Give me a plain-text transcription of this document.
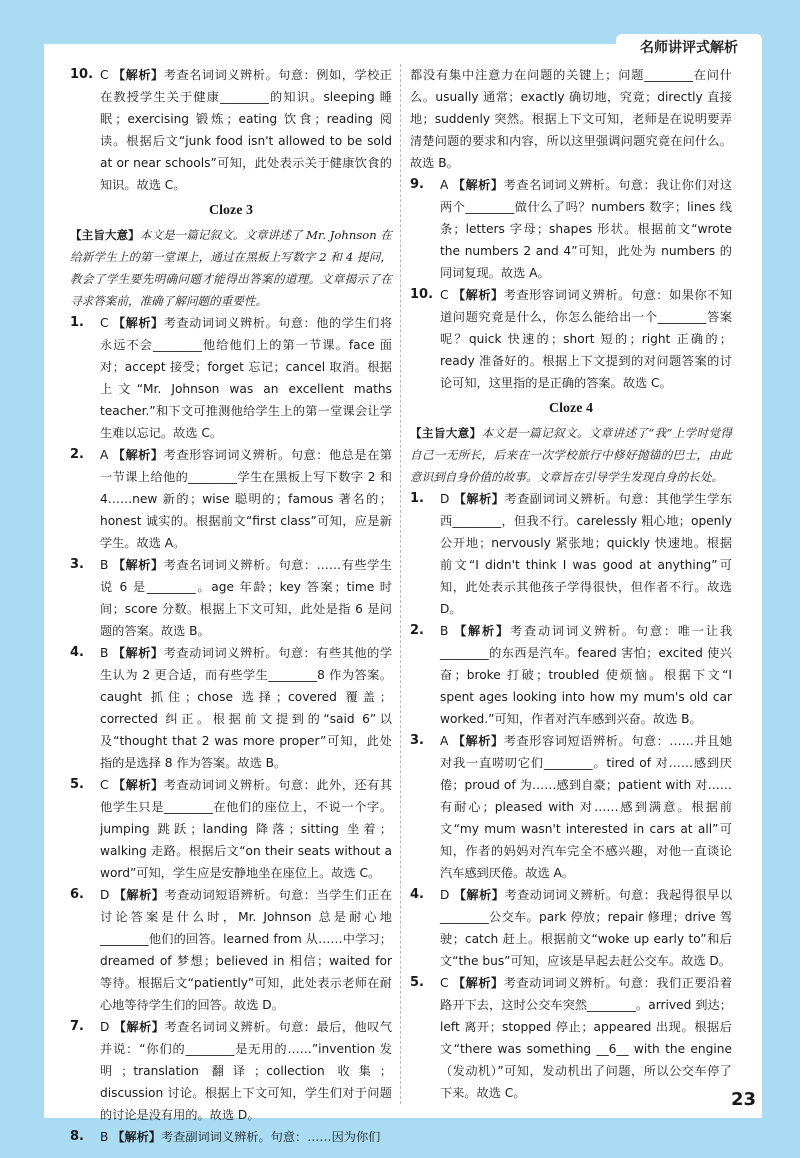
名师讲评式解析
10. C 【解析】考查名词词义辨析。句意：例如，学校正在教授学生关于健康________的知识。sleeping 睡眠；exercising 锻炼；eating 饮食；reading 阅读。根据后文“junk food isn't allowed to be sold at or near schools”可知，此处表示关于健康饮食的知识。故选 C。
Cloze 3
【主旨大意】本文是一篇记叙文。文章讲述了 Mr. Johnson 在给新学生上的第一堂课上，通过在黑板上写数字 2 和 4 提问，教会了学生要先明确问题才能得出答案的道理。文章揭示了在寻求答案前，准确了解问题的重要性。
1. C 【解析】考查动词词义辨析。句意：他的学生们将永远不会________他给他们上的第一节课。face 面对；accept 接受；forget 忘记；cancel 取消。根据上文“Mr. Johnson was an excellent maths teacher.”和下文可推测他给学生上的第一堂课会让学生难以忘记。故选 C。
2. A 【解析】考查形容词词义辨析。句意：他总是在第一节课上给他的________学生在黑板上写下数字 2 和 4……new 新的；wise 聪明的；famous 著名的；honest 诚实的。根据前文“first class”可知，应是新学生。故选 A。
3. B 【解析】考查名词词义辨析。句意：……有些学生说 6 是________。age 年龄；key 答案；time 时间；score 分数。根据上下文可知，此处是指 6 是问题的答案。故选 B。
4. B 【解析】考查动词词义辨析。句意：有些其他的学生认为 2 更合适，而有些学生________8 作为答案。caught 抓住；chose 选择；covered 覆盖；corrected 纠正。根据前文提到的“said 6”以及“thought that 2 was more proper”可知，此处指的是选择 8 作为答案。故选 B。
5. C 【解析】考查动词词义辨析。句意：此外，还有其他学生只是________在他们的座位上，不说一个字。jumping 跳跃；landing 降落；sitting 坐着；walking 走路。根据后文“on their seats without a word”可知，学生应是安静地坐在座位上。故选 C。
6. D 【解析】考查动词短语辨析。句意：当学生们正在讨论答案是什么时，Mr. Johnson 总是耐心地________他们的回答。learned from 从……中学习；dreamed of 梦想；believed in 相信；waited for 等待。根据后文“patiently”可知，此处表示老师在耐心地等待学生们的回答。故选 D。
7. D 【解析】考查名词词义辨析。句意：最后，他叹气并说：“你们的________是无用的……”invention 发明；translation 翻译；collection 收集；discussion 讨论。根据上下文可知，学生们对于问题的讨论是没有用的。故选 D。
8. B 【解析】考查副词词义辨析。句意：……因为你们
都没有集中注意力在问题的关键上；问题________在问什么。usually 通常；exactly 确切地，究竟；directly 直接地；suddenly 突然。根据上下文可知，老师是在说明要弄清楚问题的要求和内容，所以这里强调问题究竟在问什么。故选 B。
9. A 【解析】考查名词词义辨析。句意：我让你们对这两个________做什么了吗？numbers 数字；lines 线条；letters 字母；shapes 形状。根据前文“wrote the numbers 2 and 4”可知，此处为 numbers 的同词复现。故选 A。
10. C 【解析】考查形容词词义辨析。句意：如果你不知道问题究竟是什么，你怎么能给出一个________答案呢？quick 快速的；short 短的；right 正确的；ready 准备好的。根据上下文提到的对问题答案的讨论可知，这里指的是正确的答案。故选 C。
Cloze 4
【主旨大意】本文是一篇记叙文。文章讲述了“我”上学时觉得自己一无所长，后来在一次学校旅行中修好抛锚的巴士，由此意识到自身价值的故事。文章旨在引导学生发现自身的长处。
1. D 【解析】考查副词词义辨析。句意：其他学生学东西________，但我不行。carelessly 粗心地；openly 公开地；nervously 紧张地；quickly 快速地。根据前文“I didn't think I was good at anything”可知，此处表示其他孩子学得很快，但作者不行。故选 D。
2. B 【解析】考查动词词义辨析。句意：唯一让我________的东西是汽车。feared 害怕；excited 使兴奋；broke 打破；troubled 使烦恼。根据下文“I spent ages looking into how my mum's old car worked.”可知，作者对汽车感到兴奋。故选 B。
3. A 【解析】考查形容词短语辨析。句意：……并且她对我一直唠叨它们________。tired of 对……感到厌倦；proud of 为……感到自豪；patient with 对……有耐心；pleased with 对……感到满意。根据前文“my mum wasn't interested in cars at all”可知，作者的妈妈对汽车完全不感兴趣，对他一直谈论汽车感到厌倦。故选 A。
4. D 【解析】考查动词词义辨析。句意：我起得很早以________公交车。park 停放；repair 修理；drive 驾驶；catch 赶上。根据前文“woke up early to”和后文“the bus”可知，应该是早起去赶公交车。故选 D。
5. C 【解析】考查动词词义辨析。句意：我们正要沿着路开下去，这时公交车突然________。arrived 到达；left 离开；stopped 停止；appeared 出现。根据后文“there was something __6__ with the engine（发动机）”可知，发动机出了问题，所以公交车停了下来。故选 C。	23
